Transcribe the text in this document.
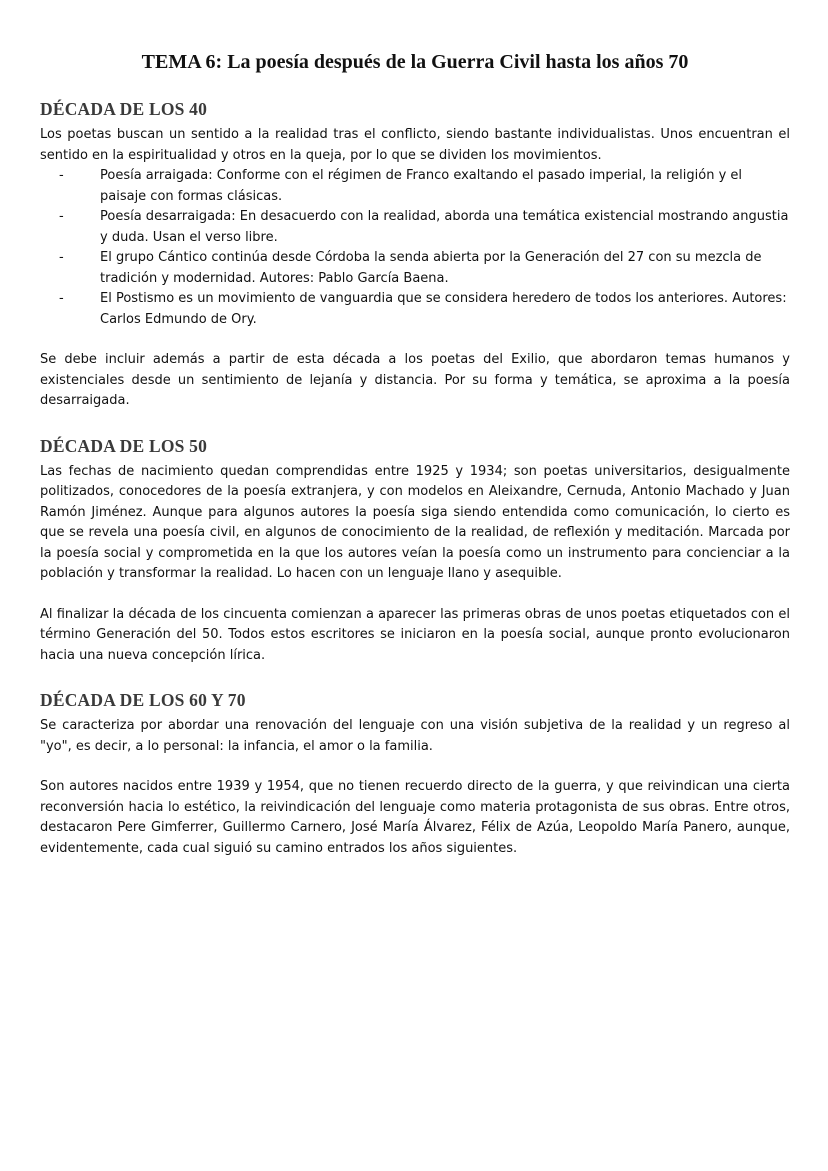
TEMA 6: La poesía después de la Guerra Civil hasta los años 70
DÉCADA DE LOS 40

Los poetas buscan un sentido a la realidad tras el conflicto, siendo bastante individualistas. Unos encuentran el sentido en la espiritualidad y otros en la queja, por lo que se dividen los movimientos.

-	Poesía arraigada: Conforme con el régimen de Franco exaltando el pasado imperial, la religión y el paisaje con formas clásicas.
-	Poesía desarraigada: En desacuerdo con la realidad, aborda una temática existencial mostrando angustia y duda. Usan el verso libre.
-	El grupo Cántico continúa desde Córdoba la senda abierta por la Generación del 27 con su mezcla de tradición y modernidad. Autores: Pablo García Baena.
-	El Postismo es un movimiento de vanguardia que se considera heredero de todos los anteriores. Autores: Carlos Edmundo de Ory.

Se debe incluir además a partir de esta década a los poetas del Exilio, que abordaron temas humanos y existenciales desde un sentimiento de lejanía y distancia. Por su forma y temática, se aproxima a la poesía desarraigada.

DÉCADA DE LOS 50

Las fechas de nacimiento quedan comprendidas entre 1925 y 1934; son poetas universitarios, desigualmente politizados, conocedores de la poesía extranjera, y con modelos en Aleixandre, Cernuda, Antonio Machado y Juan Ramón Jiménez. Aunque para algunos autores la poesía siga siendo entendida como comunicación, lo cierto es que se revela una poesía civil, en algunos de conocimiento de la realidad, de reflexión y meditación. Marcada por la poesía social y comprometida en la que los autores veían la poesía como un instrumento para concienciar a la población y transformar la realidad. Lo hacen con un lenguaje llano y asequible.

Al finalizar la década de los cincuenta comienzan a aparecer las primeras obras de unos poetas etiquetados con el término Generación del 50. Todos estos escritores se iniciaron en la poesía social, aunque pronto evolucionaron hacia una nueva concepción lírica.

DÉCADA DE LOS 60 Y 70

Se caracteriza por abordar una renovación del lenguaje con una visión subjetiva de la realidad y un regreso al "yo", es decir, a lo personal: la infancia, el amor o la familia.

Son autores nacidos entre 1939 y 1954, que no tienen recuerdo directo de la guerra, y que reivindican una cierta reconversión hacia lo estético, la reivindicación del lenguaje como materia protagonista de sus obras. Entre otros, destacaron Pere Gimferrer, Guillermo Carnero, José María Álvarez, Félix de Azúa, Leopoldo María Panero, aunque, evidentemente, cada cual siguió su camino entrados los años siguientes.
